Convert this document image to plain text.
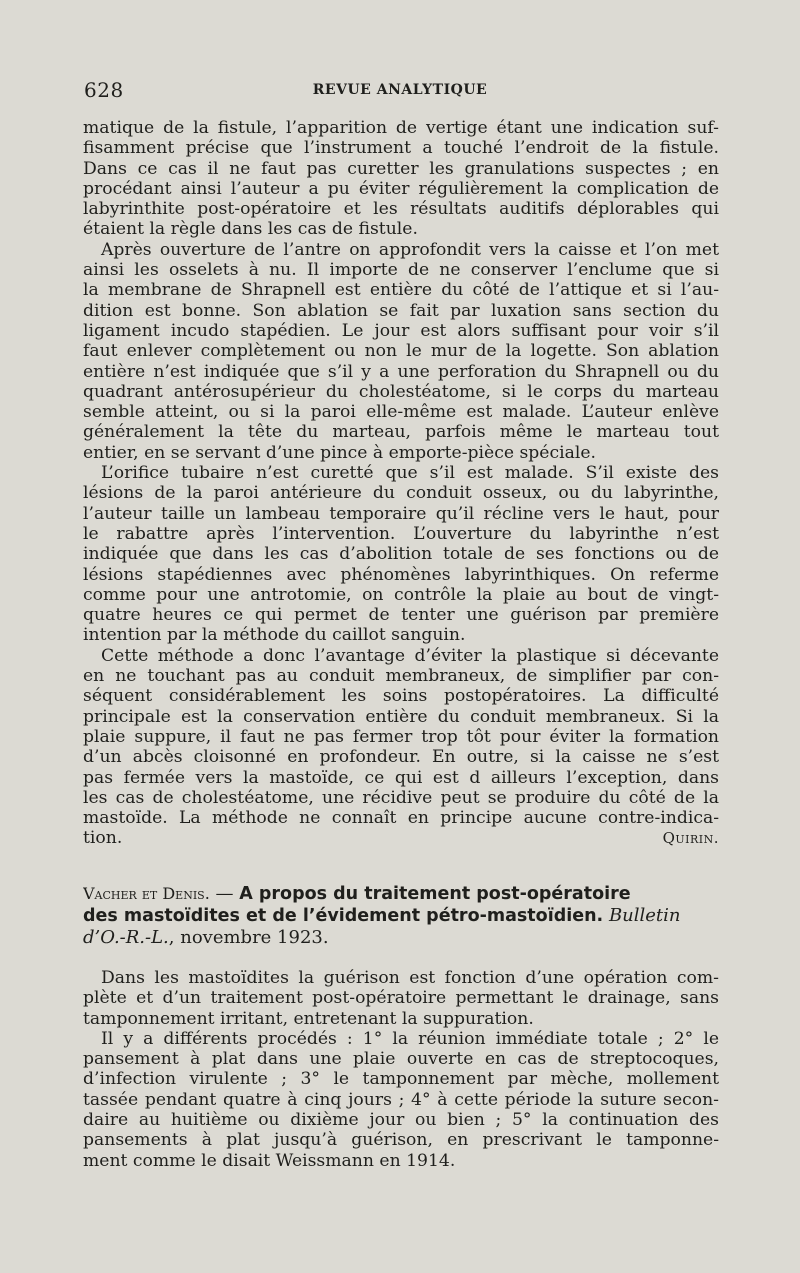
628	REVUE ANALYTIQUE
matique de la fistule, l’apparition de vertige étant une indication suf-
fisamment précise que l’instrument a touché l’endroit de la fistule.
Dans ce cas il ne faut pas curetter les granulations suspectes ; en
procédant ainsi l’auteur a pu éviter régulièrement la complication de
labyrinthite post-opératoire et les résultats auditifs déplorables qui
étaient la règle dans les cas de fistule.
Après ouverture de l’antre on approfondit vers la caisse et l’on met
ainsi les osselets à nu. Il importe de ne conserver l’enclume que si
la membrane de Shrapnell est entière du côté de l’attique et si l’au-
dition est bonne. Son ablation se fait par luxation sans section du
ligament incudo stapédien. Le jour est alors suffisant pour voir s’il
faut enlever complètement ou non le mur de la logette. Son ablation
entière n’est indiquée que s’il y a une perforation du Shrapnell ou du
quadrant antérosupérieur du cholestéatome, si le corps du marteau
semble atteint, ou si la paroi elle-même est malade. L’auteur enlève
généralement la tête du marteau, parfois même le marteau tout
entier, en se servant d’une pince à emporte-pièce spéciale.
L’orifice tubaire n’est curetté que s’il est malade. S’il existe des
lésions de la paroi antérieure du conduit osseux, ou du labyrinthe,
l’auteur taille un lambeau temporaire qu’il récline vers le haut, pour
le rabattre après l’intervention. L’ouverture du labyrinthe n’est
indiquée que dans les cas d’abolition totale de ses fonctions ou de
lésions stapédiennes avec phénomènes labyrinthiques. On referme
comme pour une antrotomie, on contrôle la plaie au bout de vingt-
quatre heures ce qui permet de tenter une guérison par première
intention par la méthode du caillot sanguin.
Cette méthode a donc l’avantage d’éviter la plastique si décevante
en ne touchant pas au conduit membraneux, de simplifier par con-
séquent considérablement les soins postopératoires. La difficulté
principale est la conservation entière du conduit membraneux. Si la
plaie suppure, il faut ne pas fermer trop tôt pour éviter la formation
d’un abcès cloisonné en profondeur. En outre, si la caisse ne s’est
pas fermée vers la mastoïde, ce qui est d ailleurs l’exception, dans
les cas de cholestéatome, une récidive peut se produire du côté de la
mastoïde. La méthode ne connaît en principe aucune contre-indica-
tion.	Quirin.
Vacher et Denis. — A propos du traitement post-opératoire
des mastoïdites et de l’évidement pétro-mastoïdien. Bulletin
d’O.-R.-L., novembre 1923.
Dans les mastoïdites la guérison est fonction d’une opération com-
plète et d’un traitement post-opératoire permettant le drainage, sans
tamponnement irritant, entretenant la suppuration.
Il y a différents procédés : 1° la réunion immédiate totale ; 2° le
pansement à plat dans une plaie ouverte en cas de streptocoques,
d’infection virulente ; 3° le tamponnement par mèche, mollement
tassée pendant quatre à cinq jours ; 4° à cette période la suture secon-
daire au huitième ou dixième jour ou bien ; 5° la continuation des
pansements à plat jusqu’à guérison, en prescrivant le tamponne-
ment comme le disait Weissmann en 1914.
